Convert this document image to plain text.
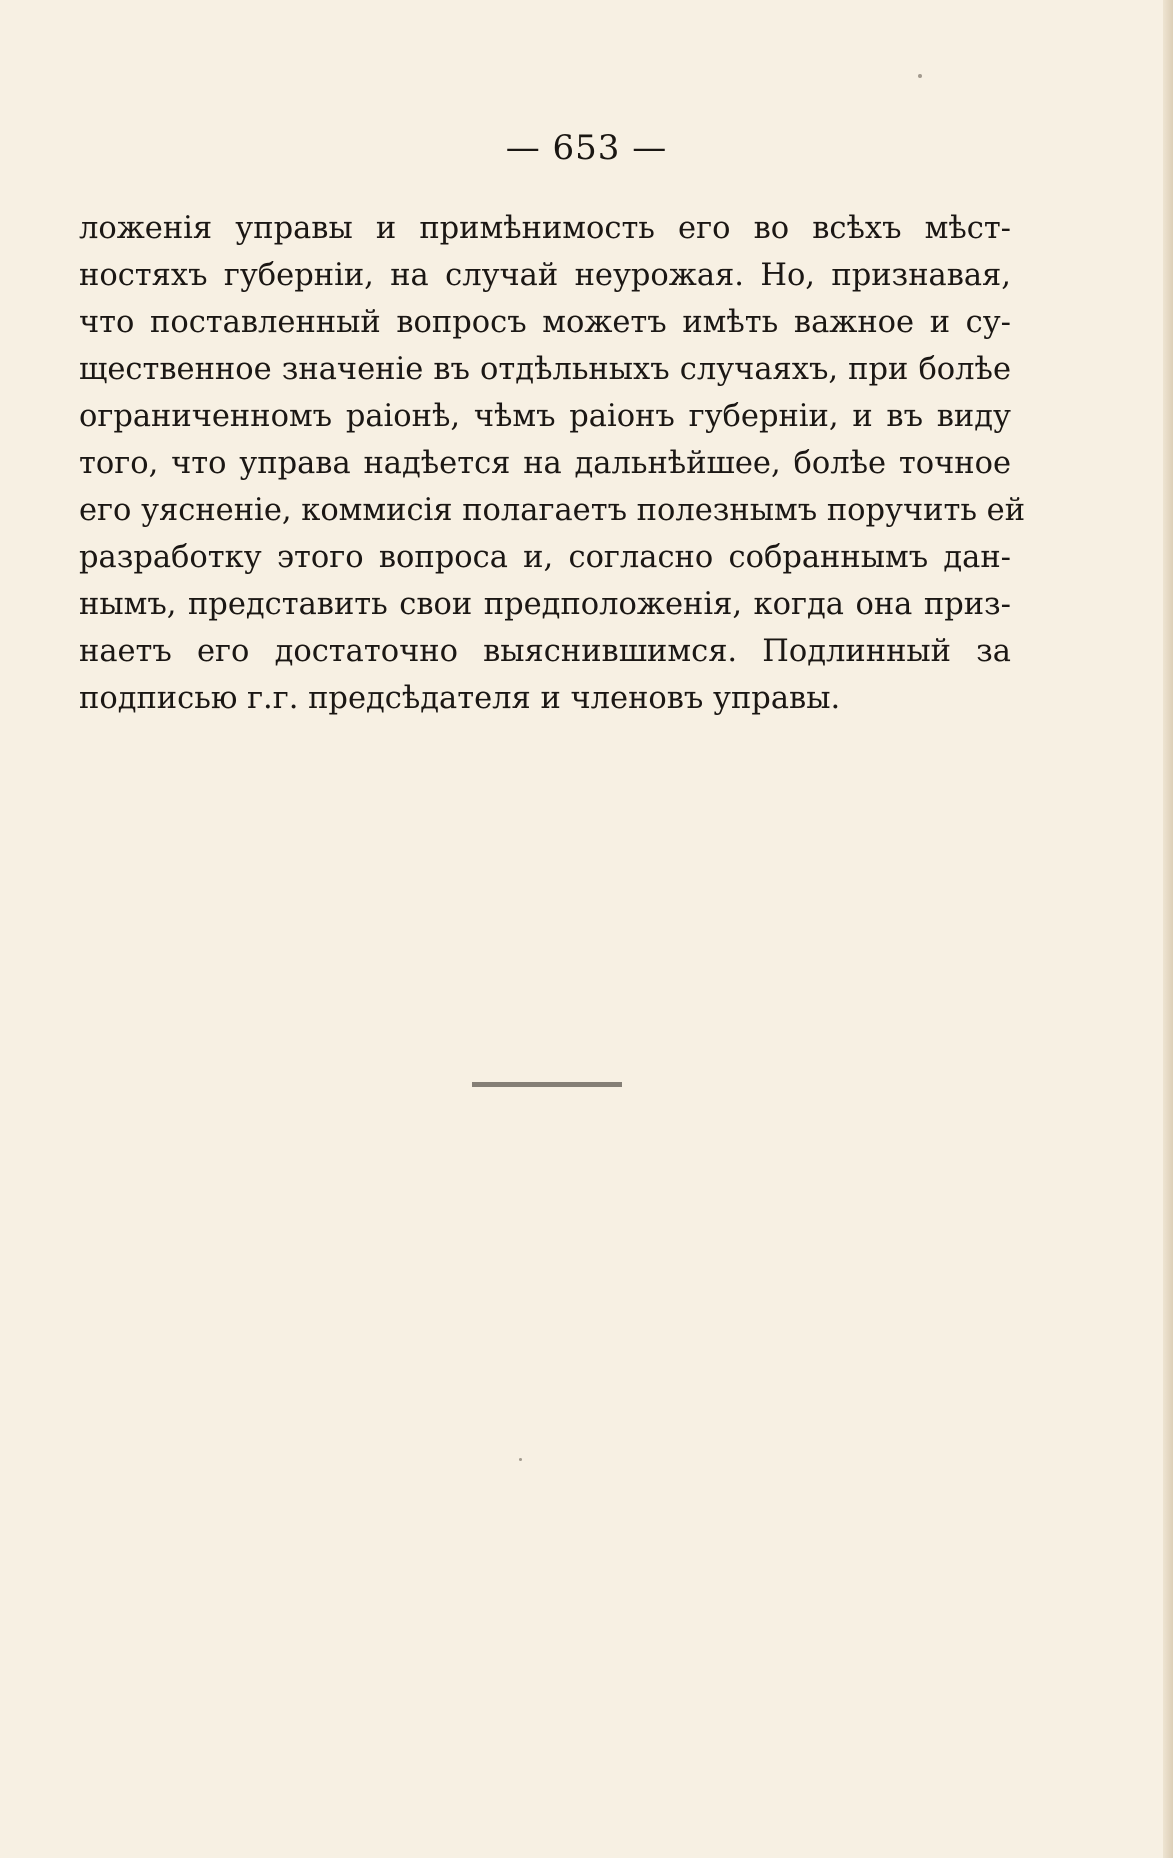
— 653 —
ложенія управы и примѣнимость его во всѣхъ мѣст-
ностяхъ губерніи, на случай неурожая. Но, признавая,
что поставленный вопросъ можетъ имѣть важное и су-
щественное значеніе въ отдѣльныхъ случаяхъ, при болѣе
ограниченномъ раіонѣ, чѣмъ раіонъ губерніи, и въ виду
того, что управа надѣется на дальнѣйшее, болѣе точное
его уясненіе, коммисія полагаетъ полезнымъ поручить ей
разработку этого вопроса и, согласно собраннымъ дан-
нымъ, представить свои предположенія, когда она приз-
наетъ его достаточно выяснившимся. Подлинный за
подписью г.г. предсѣдателя и членовъ управы.
